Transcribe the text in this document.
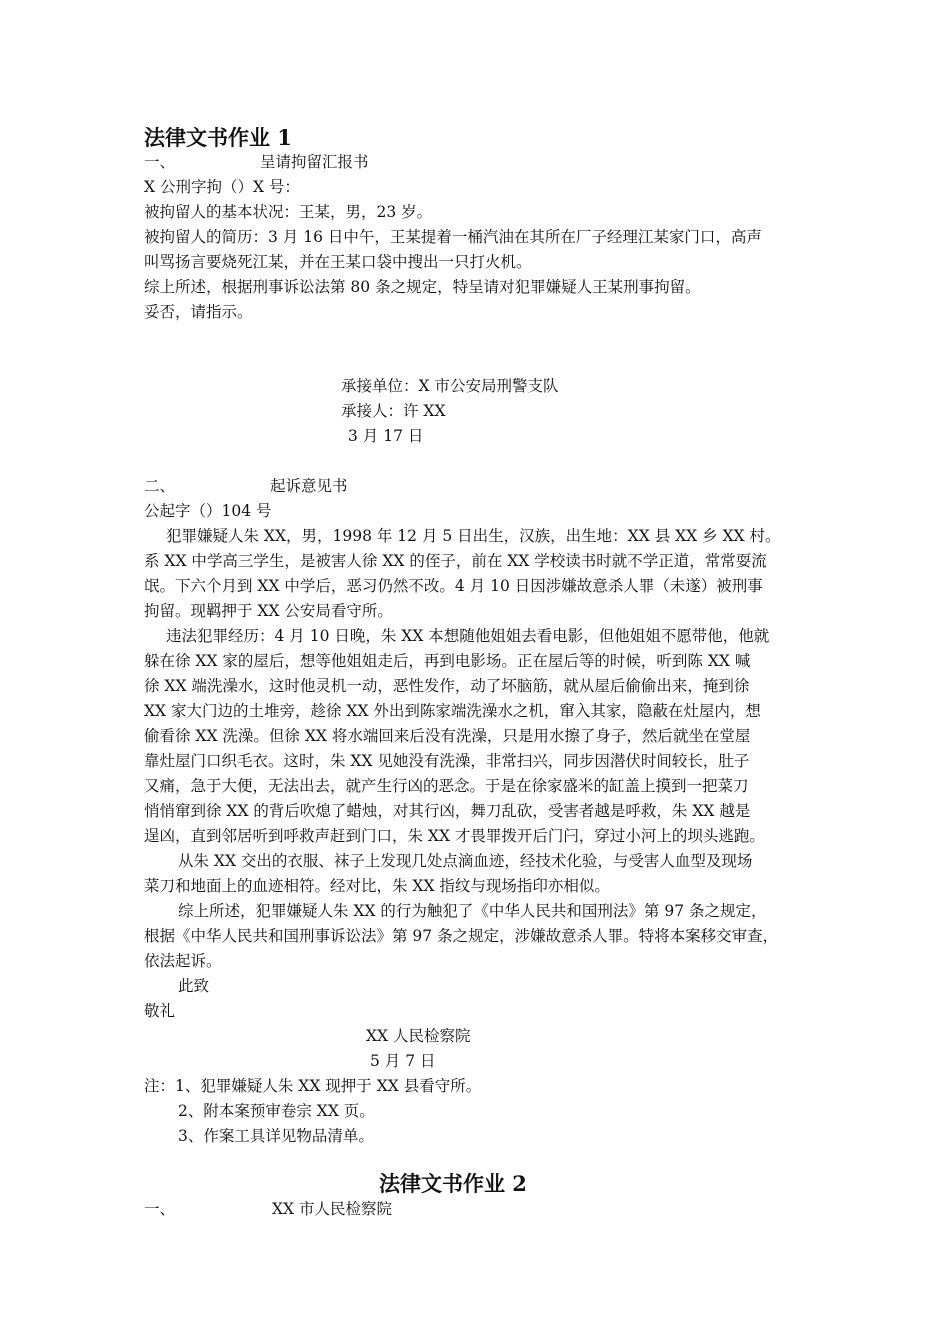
法律文书作业 1
一、	呈请拘留汇报书
X 公刑字拘（）X 号：
被拘留人的基本状况：王某，男，23 岁。
被拘留人的简历：3 月 16 日中午，王某提着一桶汽油在其所在厂子经理江某家门口，高声
叫骂扬言要烧死江某，并在王某口袋中搜出一只打火机。
综上所述，根据刑事诉讼法第 80 条之规定，特呈请对犯罪嫌疑人王某刑事拘留。
妥否，请指示。
承接单位：X 市公安局刑警支队
承接人：许 XX
3 月 17 日
二、	起诉意见书
公起字（）104 号
犯罪嫌疑人朱 XX，男，1998 年 12 月 5 日出生，汉族，出生地：XX 县 XX 乡 XX 村。
系 XX 中学高三学生，是被害人徐 XX 的侄子，前在 XX 学校读书时就不学正道，常常耍流
氓。下六个月到 XX 中学后，恶习仍然不改。4 月 10 日因涉嫌故意杀人罪（未遂）被刑事
拘留。现羁押于 XX 公安局看守所。
违法犯罪经历：4 月 10 日晚，朱 XX 本想随他姐姐去看电影，但他姐姐不愿带他，他就
躲在徐 XX 家的屋后，想等他姐姐走后，再到电影场。正在屋后等的时候，听到陈 XX 喊
徐 XX 端洗澡水，这时他灵机一动，恶性发作，动了坏脑筋，就从屋后偷偷出来，掩到徐
XX 家大门边的土堆旁，趁徐 XX 外出到陈家端洗澡水之机，窜入其家，隐蔽在灶屋内，想
偷看徐 XX 洗澡。但徐 XX 将水端回来后没有洗澡，只是用水擦了身子，然后就坐在堂屋
靠灶屋门口织毛衣。这时，朱 XX 见她没有洗澡，非常扫兴，同步因潜伏时间较长，肚子
又痛，急于大便，无法出去，就产生行凶的恶念。于是在徐家盛米的缸盖上摸到一把菜刀
悄悄窜到徐 XX 的背后吹熄了蜡烛，对其行凶，舞刀乱砍，受害者越是呼救，朱 XX 越是
逞凶，直到邻居听到呼救声赶到门口，朱 XX 才畏罪拨开后门闩，穿过小河上的坝头逃跑。
从朱 XX 交出的衣服、袜子上发现几处点滴血迹，经技术化验，与受害人血型及现场
菜刀和地面上的血迹相符。经对比，朱 XX 指纹与现场指印亦相似。
综上所述，犯罪嫌疑人朱 XX 的行为触犯了《中华人民共和国刑法》第 97 条之规定，
根据《中华人民共和国刑事诉讼法》第 97 条之规定，涉嫌故意杀人罪。特将本案移交审查，
依法起诉。
此致
敬礼
XX 人民检察院
5 月 7 日
注：1、犯罪嫌疑人朱 XX 现押于 XX 县看守所。
2、附本案预审卷宗 XX 页。
3、作案工具详见物品清单。
法律文书作业 2
一、	XX 市人民检察院
